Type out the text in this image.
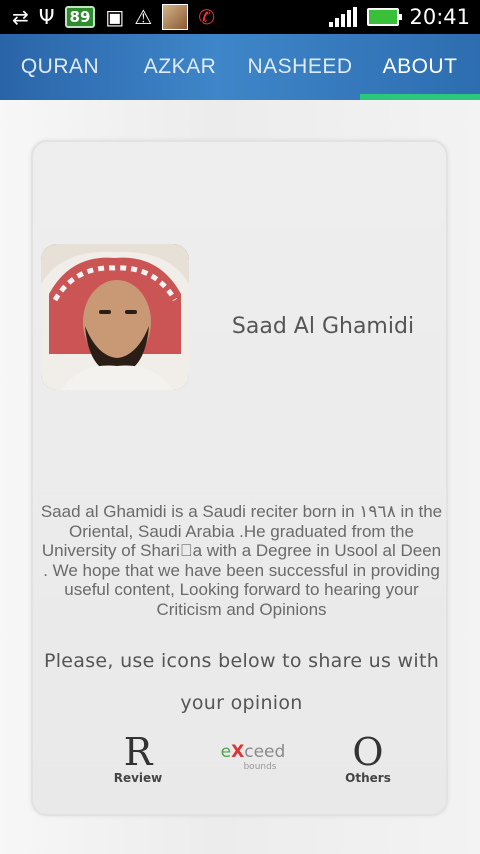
⇄ Ψ	89 ▣ ⚠ ✆	20:41
QURAN	AZKAR	NASHEED	ABOUT
Saad Al Ghamidi
Saad al Ghamidi is a Saudi reciter born in ١٩٦٨ in the Oriental, Saudi Arabia .He graduated from the University of Shari a with a Degree in Usool al Deen . We hope that we have been successful in providing useful content, Looking forward to hearing your Criticism and Opinions
Please, use icons below to share us with your opinion
R
Review
eXceed
bounds O
Others
